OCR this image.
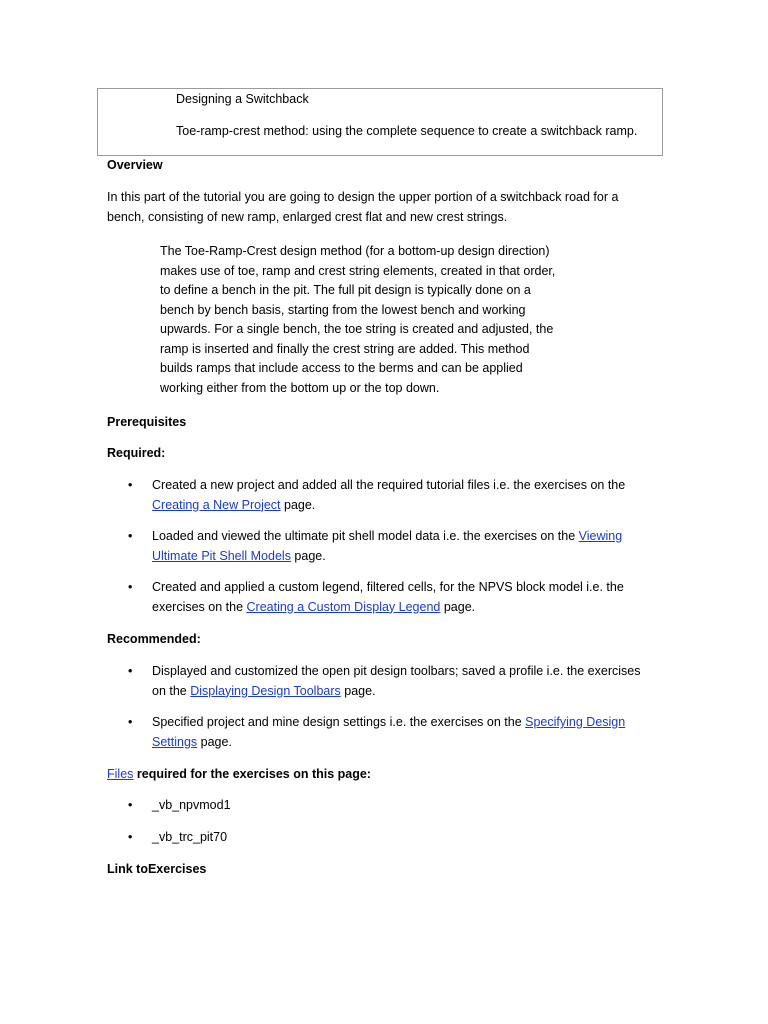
Designing a Switchback
Toe-ramp-crest method: using the complete sequence to create a switchback ramp.
Overview
In this part of the tutorial you are going to design the upper portion of a switchback road for a bench, consisting of new ramp, enlarged crest flat and new crest strings.
The Toe-Ramp-Crest design method (for a bottom-up design direction)
makes use of toe, ramp and crest string elements, created in that order,
to define a bench in the pit. The full pit design is typically done on a
bench by bench basis, starting from the lowest bench and working
upwards. For a single bench, the toe string is created and adjusted, the
ramp is inserted and finally the crest string are added. This method
builds ramps that include access to the berms and can be applied
working either from the bottom up or the top down.
Prerequisites
Required:
• Created a new project and added all the required tutorial files i.e. the exercises on the
Creating a New Project page.
• Loaded and viewed the ultimate pit shell model data i.e. the exercises on the Viewing Ultimate Pit Shell Models page.
• Created and applied a custom legend, filtered cells, for the NPVS block model i.e. the exercises on the Creating a Custom Display Legend page.
Recommended:
• Displayed and customized the open pit design toolbars; saved a profile i.e. the exercises on the Displaying Design Toolbars page.
• Specified project and mine design settings i.e. the exercises on the Specifying Design Settings page.
Files required for the exercises on this page:
• _vb_npvmod1
• _vb_trc_pit70
Link toExercises
